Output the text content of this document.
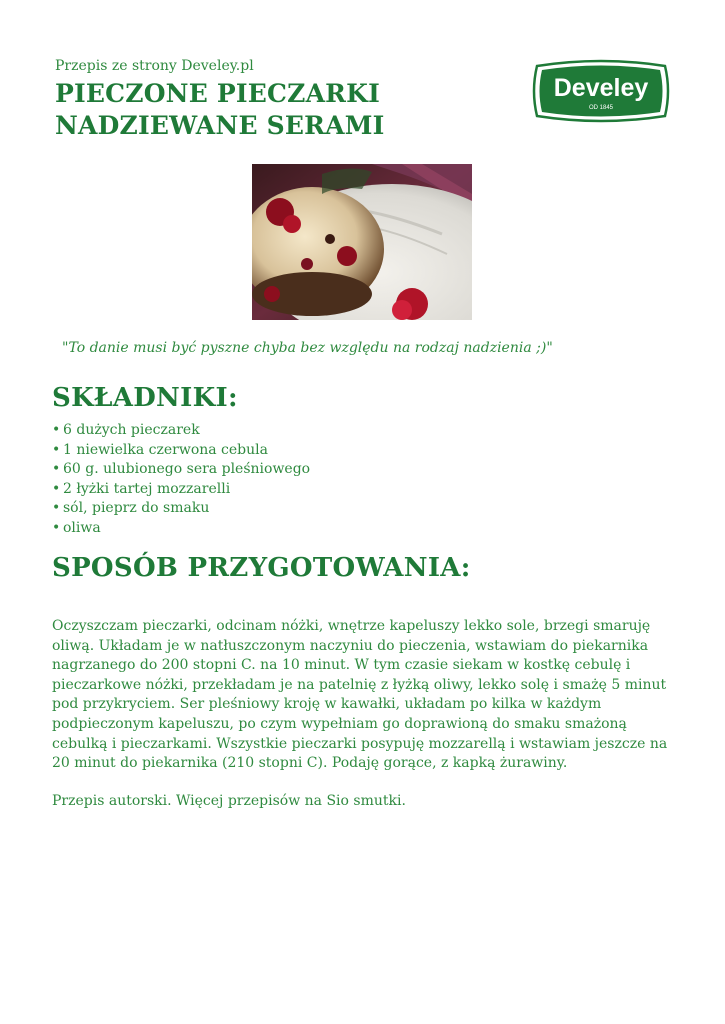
Przepis ze strony Develey.pl
PIECZONE PIECZARKI
NADZIEWANE SERAMI
Develey
OD 1845
"To danie musi być pyszne chyba bez względu na rodzaj nadzienia ;)"
SKŁADNIKI:
• 6 dużych pieczarek
• 1 niewielka czerwona cebula
• 60 g. ulubionego sera pleśniowego
• 2 łyżki tartej mozzarelli
• sól, pieprz do smaku
• oliwa
SPOSÓB PRZYGOTOWANIA:

Oczyszczam pieczarki, odcinam nóżki, wnętrze kapeluszy lekko sole, brzegi smaruję oliwą. Układam je w natłuszczonym naczyniu do pieczenia, wstawiam do piekarnika nagrzanego do 200 stopni C. na 10 minut. W tym czasie siekam w kostkę cebulę i pieczarkowe nóżki, przekładam je na patelnię z łyżką oliwy, lekko solę i smażę 5 minut pod przykryciem. Ser pleśniowy kroję w kawałki, układam po kilka w każdym podpieczonym kapeluszu, po czym wypełniam go doprawioną do smaku smażoną cebulką i pieczarkami. Wszystkie pieczarki posypuję mozzarellą i wstawiam jeszcze na 20 minut do piekarnika (210 stopni C). Podaję gorące, z kapką żurawiny.

Przepis autorski. Więcej przepisów na Sio smutki.
